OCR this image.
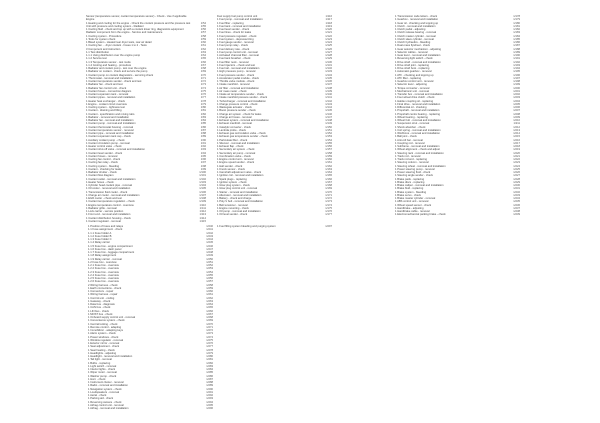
Sensor (temperature sensor, coolant temperature sensor) - Check - Use if applicable
Engine
1 Heating and cooling for the engine - Check the coolant pressure and the pressure test	1/54
Unit with pressure and cooling system - Radiator	1/55
1 Cooling fluid - check and top up with a coolant lower ring, diagnostics equipment	1/56
Radiator component from the engine - Service and maintenance	1/57
1 Cooling system - Procedure	1/58
1 Tools for system check	1/59
1 Bleed system - Heated rear dryer tests, rear air detail	1/60
1 Cooling fan ... dryer coolant - hoses 1 to 2 - Tests	1/61
3 Component and instruction	1/62
1.1 Test distribution	1/63
1.1.1 Using distribution over the engine pump	1/64
1.1.2 Service test	1/65
1.1.3 Temperature sensor - test mode	1/66
1.1.4 Cooling and heating - procedure	1/67
1 Radiator and coolant pump - test over the engine	1/68
1 Radiator on coolant - check and service the pump	1/69
1 Coolant pump on coolant diagnostics - servicing check	1/70
1 Thermostat - removal and installation	1/71
1 Coolant temperature sender - check and test	1/72
1 Radiator fan - check and test	1/73
1 Radiator fan control unit - check	1/74
1 Coolant hoses - connection diagram	1/75
1 Coolant expansion tank - removal	1/76
1 Coolant pipes - removal and installation	1/77
1 Heater heat exchanger - check	1/78
1 Engine - coolant circuit overview	1/79
1 Cooling system - tightness test	1/80
1 Coolant - draining and filling	1/81
1 Coolant - specification and mixing ratio	1/82
1 Radiator - removal and installation	1/83
1 Radiator fan - removal and installation	1/84
1 Coolant pump - removal and installation	1/85
1 Coolant thermostat housing - removal	1/86
1 Coolant temperature sensor - removal	1/87
1 Coolant pipe - removal and installation	1/88
1 Coolant expansion tank cap - check	1/89
1 Auxiliary coolant pump - check	1/90
1 Coolant circulation pump - removal	1/91
1 Heater control valve - check	1/92
1 Coolant shut-off valve - removal and installation	1/93
1 Coolant level sender - check	1/94
1 Coolant hoses - removal	1/95
1 Cooling fan control - check	1/96
1 Cooling fan relay - check	1/97
1 Cooling system - bleeding	1/98
1 Coolant - checking for leaks	1/99
1 Radiator shutter - check	1/100
1 Coolant flow diagram	1/101
1 Coolant outlet - removal and installation	1/102
1 Heater hoses - check	1/103
1 Cylinder head coolant pipe - removal	1/104
1 Oil cooler - removal and installation	1/105
1 Transmission fluid cooler - check	1/106
1 Charge air cooler - removal and installation	1/107
1 EGR cooler - check and test	1/108
1 Coolant temperature regulation - check	1/109
1 Engine temperature control - overview	1/110
1 Radiator grille - removal	1/111
1 Lock carrier - service position	1/112
1 Front end - removal and installation	1/113
1 Coolant distribution housing - check	1/114
1 Coolant regulator - removal	1/115
Fuel supply fuel pump control unit	1/116
1 Fuel pump - removal and installation	1/117
1 Fuel filter - replacing	1/118
1 Fuel tank - removal and installation	1/119
1 Fuel level sender - check	1/120
1 Fuel lines - check for leaks	1/121
1 Fuel pressure regulator - check	1/122
1 Fuel system - depressurizing	1/123
1 Fuel gauge sender - removal	1/124
1 Fuel pump relay - check	1/125
1 Fuel delivery rate - check	1/126
1 Fuel pump control unit - removal	1/127
1 Activated charcoal filter - removal	1/128
1 Fuel tank breather - check	1/129
1 Fuel filler neck - removal	1/130
1 Fuel injectors - check and test	1/131
1 Fuel rail - removal and installation	1/132
1 High pressure pump - removal	1/133
1 Fuel pressure sender - check	1/134
1 Accelerator pedal module - check	1/135
1 Throttle valve module - check	1/136
1 Intake manifold - removal	1/137
1 Air filter - removal and installation	1/138
1 Air mass meter - check	1/139
1 Intake air temperature sender - check	1/140
1 Intake manifold pressure sender - check	1/141
1 Turbocharger - removal and installation	1/142
1 Charge pressure control - check	1/143
1 Wastegate actuator - check	1/144
1 Boost pressure sender - check	1/145
1 Charge air system - check for leaks	1/146
1 Charge air hoses - removal	1/147
1 Exhaust system - removal and installation	1/148
1 Exhaust manifold - removal	1/149
1 Catalytic converter - check	1/150
1 Lambda probe - check	1/151
1 Exhaust gas recirculation valve - check	1/152
1 Exhaust gas temperature sender - check	1/153
1 Particulate filter - check	1/154
1 Silencer - removal and installation	1/155
1 Exhaust flap - check	1/156
1 Secondary air system - check	1/157
1 Secondary air pump - removal	1/158
1 Combination valve - check	1/159
1 Engine control unit - removal	1/160
1 Engine speed sender - check	1/161
1 Hall sender - check	1/162
1 Knock sensor - check	1/163
1 Camshaft adjustment valve - check	1/164
1 Ignition coil - removal and installation	1/165
1 Spark plugs - replacing	1/166
1 Ignition system - check	1/167
1 Glow plug system - check	1/168
1 Glow plug control unit - removal	1/169
1 Starter - removal and installation	1/170
1 Alternator - removal and installation	1/171
1 Battery - check and charge	1/172
1 Poly-V belt - removal and installation	1/173
1 Belt tensioner - removal	1/174
1 Engine mounting - check	1/175
1 Oil pump - removal and installation	1/176
1 Oil level sender - check	1/177
1 Transmission code letters - check	1/178
1 Gearbox - removal and installation	1/179
1 Gear oil - checking and topping up	1/180
1 Clutch - removal and installation	1/181
1 Clutch pedal - adjusting	1/182
1 Clutch release bearing - removal	1/183
1 Clutch master cylinder - removal	1/184
1 Clutch slave cylinder - removal	1/185
1 Clutch hydraulics - bleeding	1/186
1 Dual-mass flywheel - check	1/187
1 Gear selector mechanism - adjusting	1/188
1 Selector cables - removal	1/189
1 Gear lever - removal and installation	1/190
1 Reversing light switch - check	1/191
1 Drive shaft - removal and installation	1/192
1 Drive shaft joint - replacing	1/193
1 Drive shaft boot - replacing	1/194
1 Automatic gearbox - removal	1/195
1 ATF - checking and topping up	1/196
1 ATF filter - replacing	1/197
1 Gearbox control unit - removal	1/198
1 Selector lever - adjusting	1/199
1 Torque converter - removal	1/200
1 Mechatronic unit - removal	1/201
1 Transfer box - removal and installation	1/202
1 Four-wheel drive clutch - check	1/203
1 Haldex coupling oil - replacing	1/204
1 Final drive - removal and installation	1/205
1 Differential oil - checking	1/206
1 Propshaft - removal and installation	1/207
1 Propshaft centre bearing - replacing	1/208
1 Wheel bearing - replacing	1/209
1 Wheel hub - removal and installation	1/210
1 Suspension strut - removal	1/211
1 Shock absorber - check	1/212
1 Coil spring - removal and installation	1/213
1 Wishbone - removal and installation	1/214
1 Ball joint - check	1/215
1 Anti-roll bar - removal	1/216
1 Coupling rod - removal	1/217
1 Subframe - removal and installation	1/218
1 Wheel alignment - check and adjust	1/219
1 Steering rack - removal and installation	1/220
1 Track rod - removal	1/221
1 Track rod end - replacing	1/222
1 Steering column - removal	1/223
1 Steering wheel - removal and installation	1/224
1 Power steering pump - removal	1/225
1 Power steering fluid - check	1/226
1 Steering angle sender - check	1/227
1 Brake pads - replacing	1/228
1 Brake discs - replacing	1/229
1 Brake caliper - removal and installation	1/230
1 Brake fluid - replacing	1/231
1 Brake system - bleeding	1/232
1 Brake servo - check	1/233
1 Brake master cylinder - removal	1/234
1 ABS control unit - removal	1/235
1 Wheel speed sensor - check	1/236
1 Handbrake - adjusting	1/237
1 Handbrake cable - removal	1/238
1 Electromechanical parking brake - check	1/239
1 Position of fuses and relays	1/240
1.1 Fuse assignment - check	1/241
1.1.1 Fuse holder A	1/242
1.1.2 Fuse holder B	1/243
1.1.3 Fuse holder C	1/244
1.1.4 Relay carrier	1/245
1.1.5 Fuse box - engine compartment	1/246
1.1.6 Fuse box - dash panel	1/247
1.1.7 Fuse box - luggage compartment	1/248
1.1.8 Relay assignment	1/249
1.1.9 Relay carrier - removal	1/250
1.2 Fuse box - overview	1/251
1.2.1 Fuse box - overview	1/252
1.2.2 Fuse box - overview	1/253
1.2.3 Fuse box - overview	1/254
1.2.4 Fuse box - overview	1/255
1.2.5 Fuse box - overview	1/256
1.2.6 Fuse box - overview	1/257
2 Wiring harness - check	1/258
1 Earth connections - check	1/259
1 Connectors - repair	1/260
1 Wiring harness - repair	1/261
1 Control unit - coding	1/262
1 Gateway - check	1/263
1 Data bus - diagnosis	1/264
1 CAN bus - check	1/265
1 LIN bus - check	1/266
1 MOST bus - check	1/267
1 Onboard supply control unit - removal	1/268
1 Convenience system - check	1/269
1 Central locking - check	1/270
1 Remote control - adapting	1/271
1 Immobilizer - adapting keys	1/272
1 Alarm system - check	1/273
1 Power windows - check	1/274
1 Window regulator - removal	1/275
1 Exterior mirror - removal	1/276
1 Seat adjustment - check	1/277
1 Seat heating - check	1/278
1 Headlights - adjusting	1/279
1 Headlight - removal and installation	1/280
1 Tail light - removal	1/281
1 Bulbs - replacing	1/282
1 Light switch - removal	1/283
1 Interior lights - check	1/284
1 Wiper motor - removal	1/285
1 Washer pump - check	1/286
1 Horn - check	1/287
1 Instrument cluster - removal	1/288
1 Radio - removal and installation	1/289
1 Navigation system - check	1/290
1 Loudspeakers - removal	1/291
1 Aerial - check	1/292
1 Parking aid - check	1/293
1 Reversing camera - check	1/294
1 Airbag control unit - removal	1/295
1 Airbag - removal and installation	1/296
1 Fuel filling system bleeding and purging system	1/297
